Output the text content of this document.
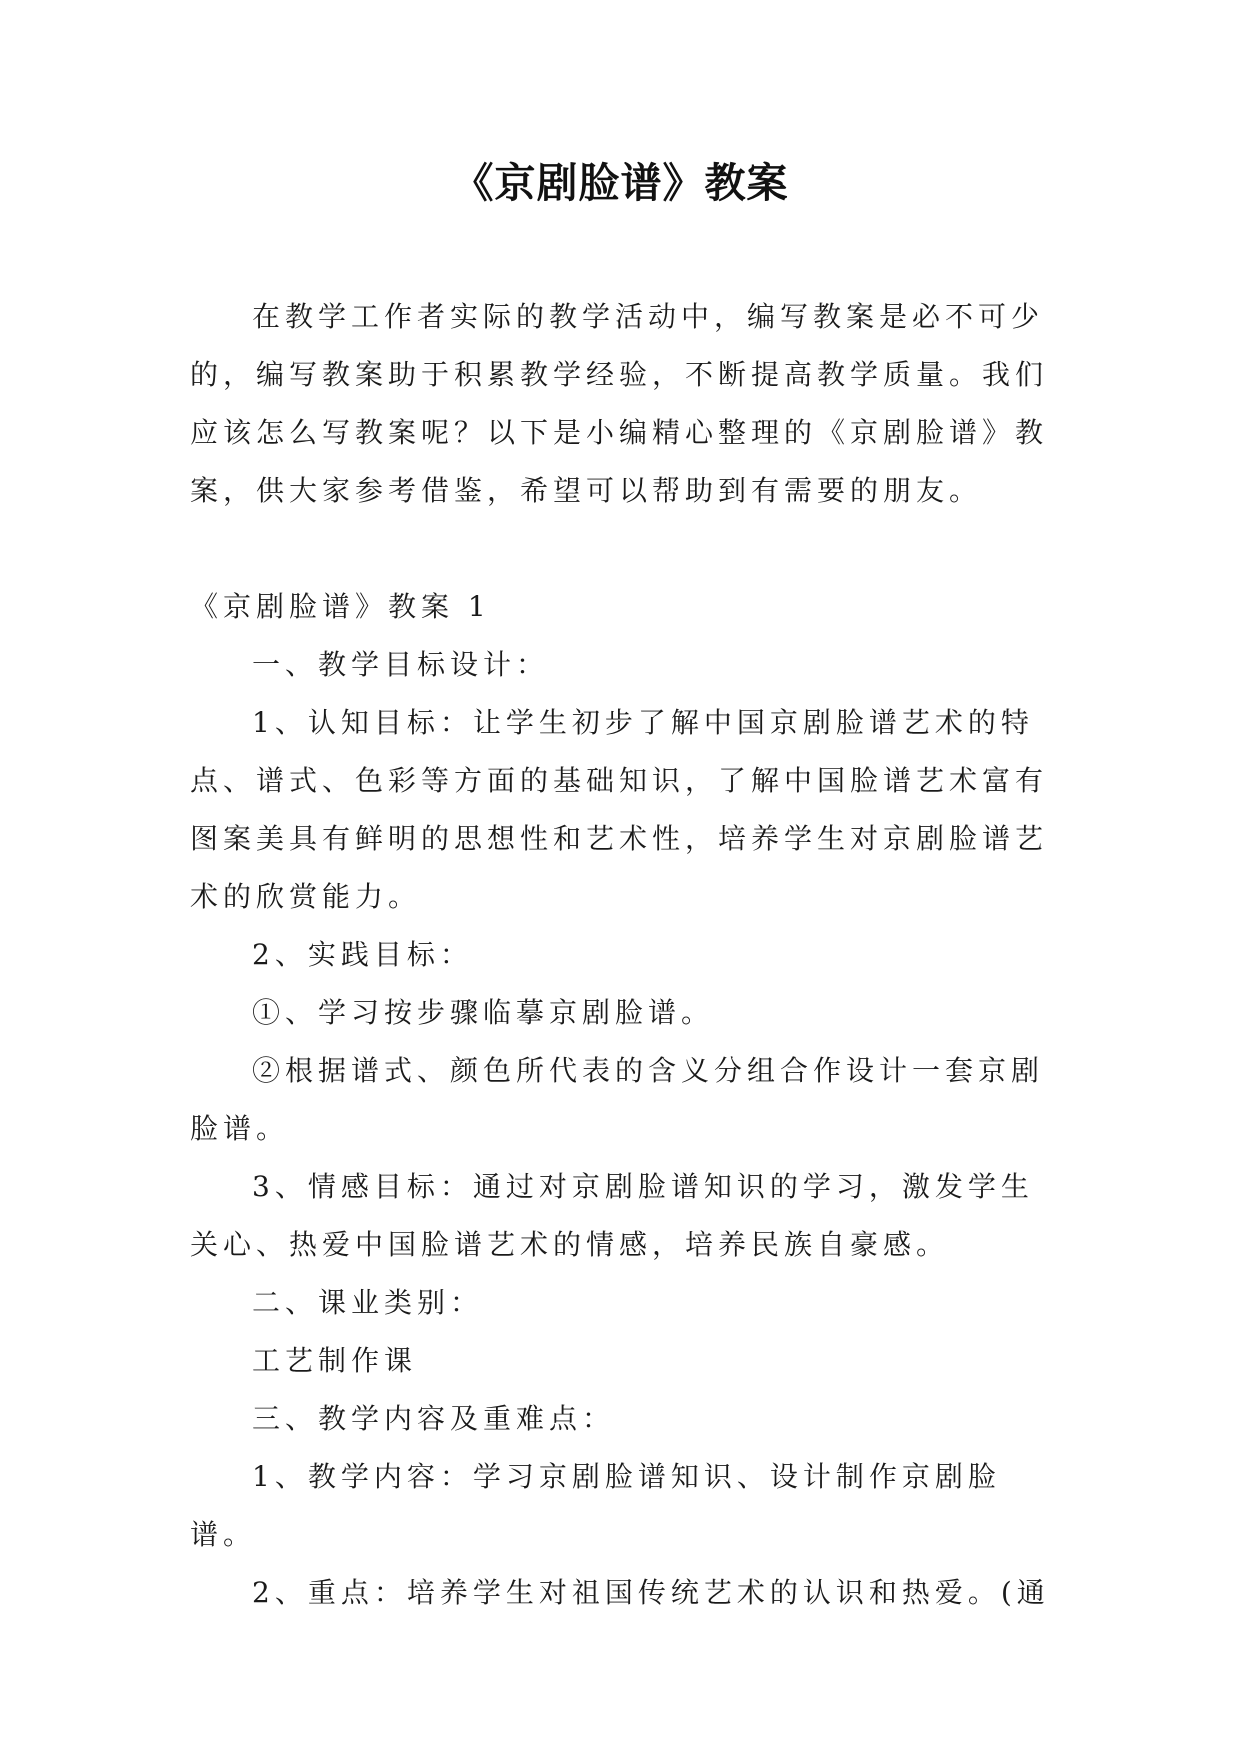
《京剧脸谱》教案

在教学工作者实际的教学活动中，编写教案是必不可少的，编写教案助于积累教学经验，不断提高教学质量。我们应该怎么写教案呢？以下是小编精心整理的《京剧脸谱》教案，供大家参考借鉴，希望可以帮助到有需要的朋友。

《京剧脸谱》教案 1

一、教学目标设计：

1、认知目标：让学生初步了解中国京剧脸谱艺术的特点、谱式、色彩等方面的基础知识，了解中国脸谱艺术富有图案美具有鲜明的思想性和艺术性，培养学生对京剧脸谱艺术的欣赏能力。

2、实践目标：

①、学习按步骤临摹京剧脸谱。

②根据谱式、颜色所代表的含义分组合作设计一套京剧脸谱。

3、情感目标：通过对京剧脸谱知识的学习，激发学生关心、热爱中国脸谱艺术的情感，培养民族自豪感。

二、课业类别：

工艺制作课

三、教学内容及重难点：

1、教学内容：学习京剧脸谱知识、设计制作京剧脸谱。

2、重点：培养学生对祖国传统艺术的认识和热爱。(通
